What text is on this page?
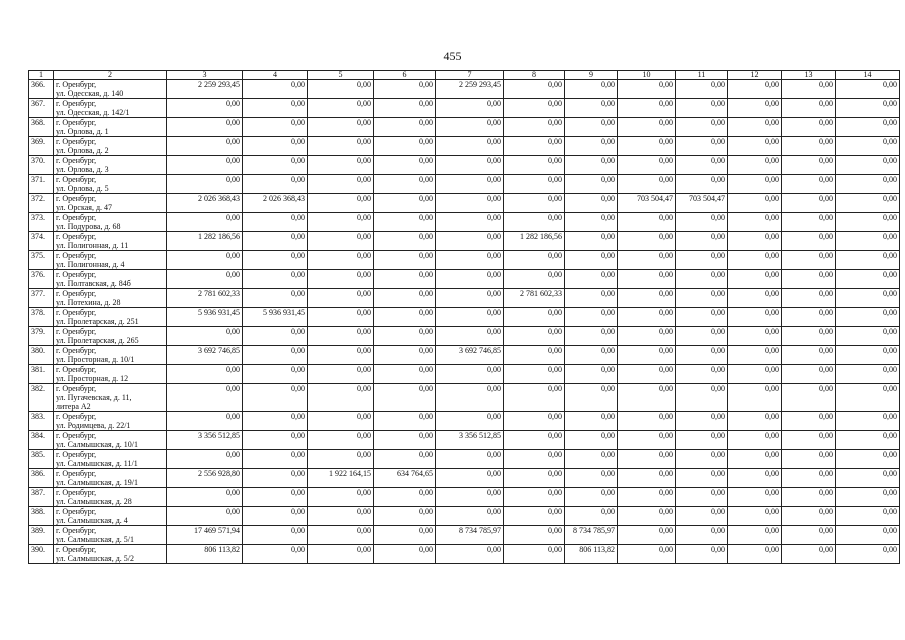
455
1	2	3	4	5	6	7	8	9	10	11	12	13	14
366.	г. Оренбург,
ул. Одесская, д. 140	2 259 293,45	0,00	0,00	0,00	2 259 293,45	0,00	0,00	0,00	0,00	0,00	0,00	0,00
367.	г. Оренбург,
ул. Одесская, д. 142/1	0,00	0,00	0,00	0,00	0,00	0,00	0,00	0,00	0,00	0,00	0,00	0,00
368.	г. Оренбург,
ул. Орлова, д. 1	0,00	0,00	0,00	0,00	0,00	0,00	0,00	0,00	0,00	0,00	0,00	0,00
369.	г. Оренбург,
ул. Орлова, д. 2	0,00	0,00	0,00	0,00	0,00	0,00	0,00	0,00	0,00	0,00	0,00	0,00
370.	г. Оренбург,
ул. Орлова, д. 3	0,00	0,00	0,00	0,00	0,00	0,00	0,00	0,00	0,00	0,00	0,00	0,00
371.	г. Оренбург,
ул. Орлова, д. 5	0,00	0,00	0,00	0,00	0,00	0,00	0,00	0,00	0,00	0,00	0,00	0,00
372.	г. Оренбург,
ул. Орская, д. 47	2 026 368,43	2 026 368,43	0,00	0,00	0,00	0,00	0,00	703 504,47	703 504,47	0,00	0,00	0,00
373.	г. Оренбург,
ул. Подурова, д. 68	0,00	0,00	0,00	0,00	0,00	0,00	0,00	0,00	0,00	0,00	0,00	0,00
374.	г. Оренбург,
ул. Полигонная, д. 11	1 282 186,56	0,00	0,00	0,00	0,00	1 282 186,56	0,00	0,00	0,00	0,00	0,00	0,00
375.	г. Оренбург,
ул. Полигонная, д. 4	0,00	0,00	0,00	0,00	0,00	0,00	0,00	0,00	0,00	0,00	0,00	0,00
376.	г. Оренбург,
ул. Полтавская, д. 84б	0,00	0,00	0,00	0,00	0,00	0,00	0,00	0,00	0,00	0,00	0,00	0,00
377.	г. Оренбург,
ул. Потехина, д. 28	2 781 602,33	0,00	0,00	0,00	0,00	2 781 602,33	0,00	0,00	0,00	0,00	0,00	0,00
378.	г. Оренбург,
ул. Пролетарская, д. 251	5 936 931,45	5 936 931,45	0,00	0,00	0,00	0,00	0,00	0,00	0,00	0,00	0,00	0,00
379.	г. Оренбург,
ул. Пролетарская, д. 265	0,00	0,00	0,00	0,00	0,00	0,00	0,00	0,00	0,00	0,00	0,00	0,00
380.	г. Оренбург,
ул. Просторная, д. 10/1	3 692 746,85	0,00	0,00	0,00	3 692 746,85	0,00	0,00	0,00	0,00	0,00	0,00	0,00
381.	г. Оренбург,
ул. Просторная, д. 12	0,00	0,00	0,00	0,00	0,00	0,00	0,00	0,00	0,00	0,00	0,00	0,00
382.	г. Оренбург,
ул. Пугачевская, д. 11,
литера А2	0,00	0,00	0,00	0,00	0,00	0,00	0,00	0,00	0,00	0,00	0,00	0,00
383.	г. Оренбург,
ул. Родимцева, д. 22/1	0,00	0,00	0,00	0,00	0,00	0,00	0,00	0,00	0,00	0,00	0,00	0,00
384.	г. Оренбург,
ул. Салмышская, д. 10/1	3 356 512,85	0,00	0,00	0,00	3 356 512,85	0,00	0,00	0,00	0,00	0,00	0,00	0,00
385.	г. Оренбург,
ул. Салмышская, д. 11/1	0,00	0,00	0,00	0,00	0,00	0,00	0,00	0,00	0,00	0,00	0,00	0,00
386.	г. Оренбург,
ул. Салмышская, д. 19/1	2 556 928,80	0,00	1 922 164,15	634 764,65	0,00	0,00	0,00	0,00	0,00	0,00	0,00	0,00
387.	г. Оренбург,
ул. Салмышская, д. 28	0,00	0,00	0,00	0,00	0,00	0,00	0,00	0,00	0,00	0,00	0,00	0,00
388.	г. Оренбург,
ул. Салмышская, д. 4	0,00	0,00	0,00	0,00	0,00	0,00	0,00	0,00	0,00	0,00	0,00	0,00
389.	г. Оренбург,
ул. Салмышская, д. 5/1	17 469 571,94	0,00	0,00	0,00	8 734 785,97	0,00	8 734 785,97	0,00	0,00	0,00	0,00	0,00
390.	г. Оренбург,
ул. Салмышская, д. 5/2	806 113,82	0,00	0,00	0,00	0,00	0,00	806 113,82	0,00	0,00	0,00	0,00	0,00
